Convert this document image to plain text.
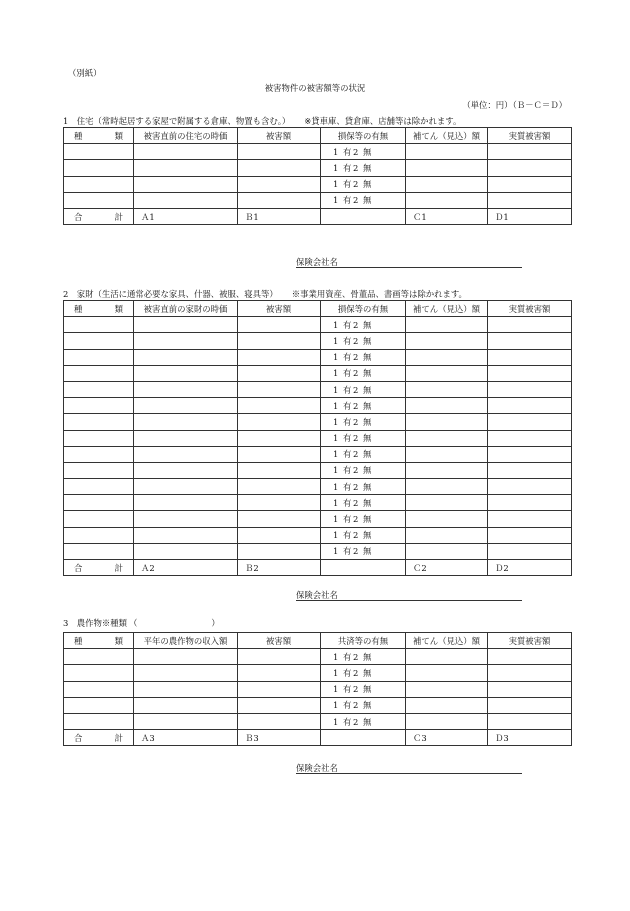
（別紙）
被害物件の被害額等の状況
（単位：円）（Ｂ－Ｃ＝Ｄ）
1　住宅（常時起居する家屋で附属する倉庫、物置も含む。） ※貸車庫、貸倉庫、店舗等は除かれます。
種 類	被害直前の住宅の時価	被 害 額	損保等の有無	補てん（見込）額	実質被害額
			1 有 2 無		
			1 有 2 無		
			1 有 2 無		
			1 有 2 無		

合 計	Ａ1	Ｂ1		Ｃ1	Ｄ1
保険会社名
2　家財（生活に通常必要な家具、什器、被服、寝具等） ※事業用資産、骨董品、書画等は除かれます。
種 類	被害直前の家財の時価	被 害 額	損保等の有無	補てん（見込）額	実質被害額
			1 有 2 無		
			1 有 2 無		
			1 有 2 無		
			1 有 2 無		
			1 有 2 無		
			1 有 2 無		
			1 有 2 無		
			1 有 2 無		
			1 有 2 無		
			1 有 2 無		
			1 有 2 無		
			1 有 2 無		
			1 有 2 無		
			1 有 2 無		
			1 有 2 無		

合 計	Ａ2	Ｂ2		Ｃ2	Ｄ2
保険会社名
3　農作物※種類 （	）
種 類	平年の農作物の収入額	被 害 額	共済等の有無	補てん（見込）額	実質被害額
			1 有 2 無		
			1 有 2 無		
			1 有 2 無		
			1 有 2 無		
			1 有 2 無		

合 計	Ａ3	Ｂ3		Ｃ3	Ｄ3
保険会社名
